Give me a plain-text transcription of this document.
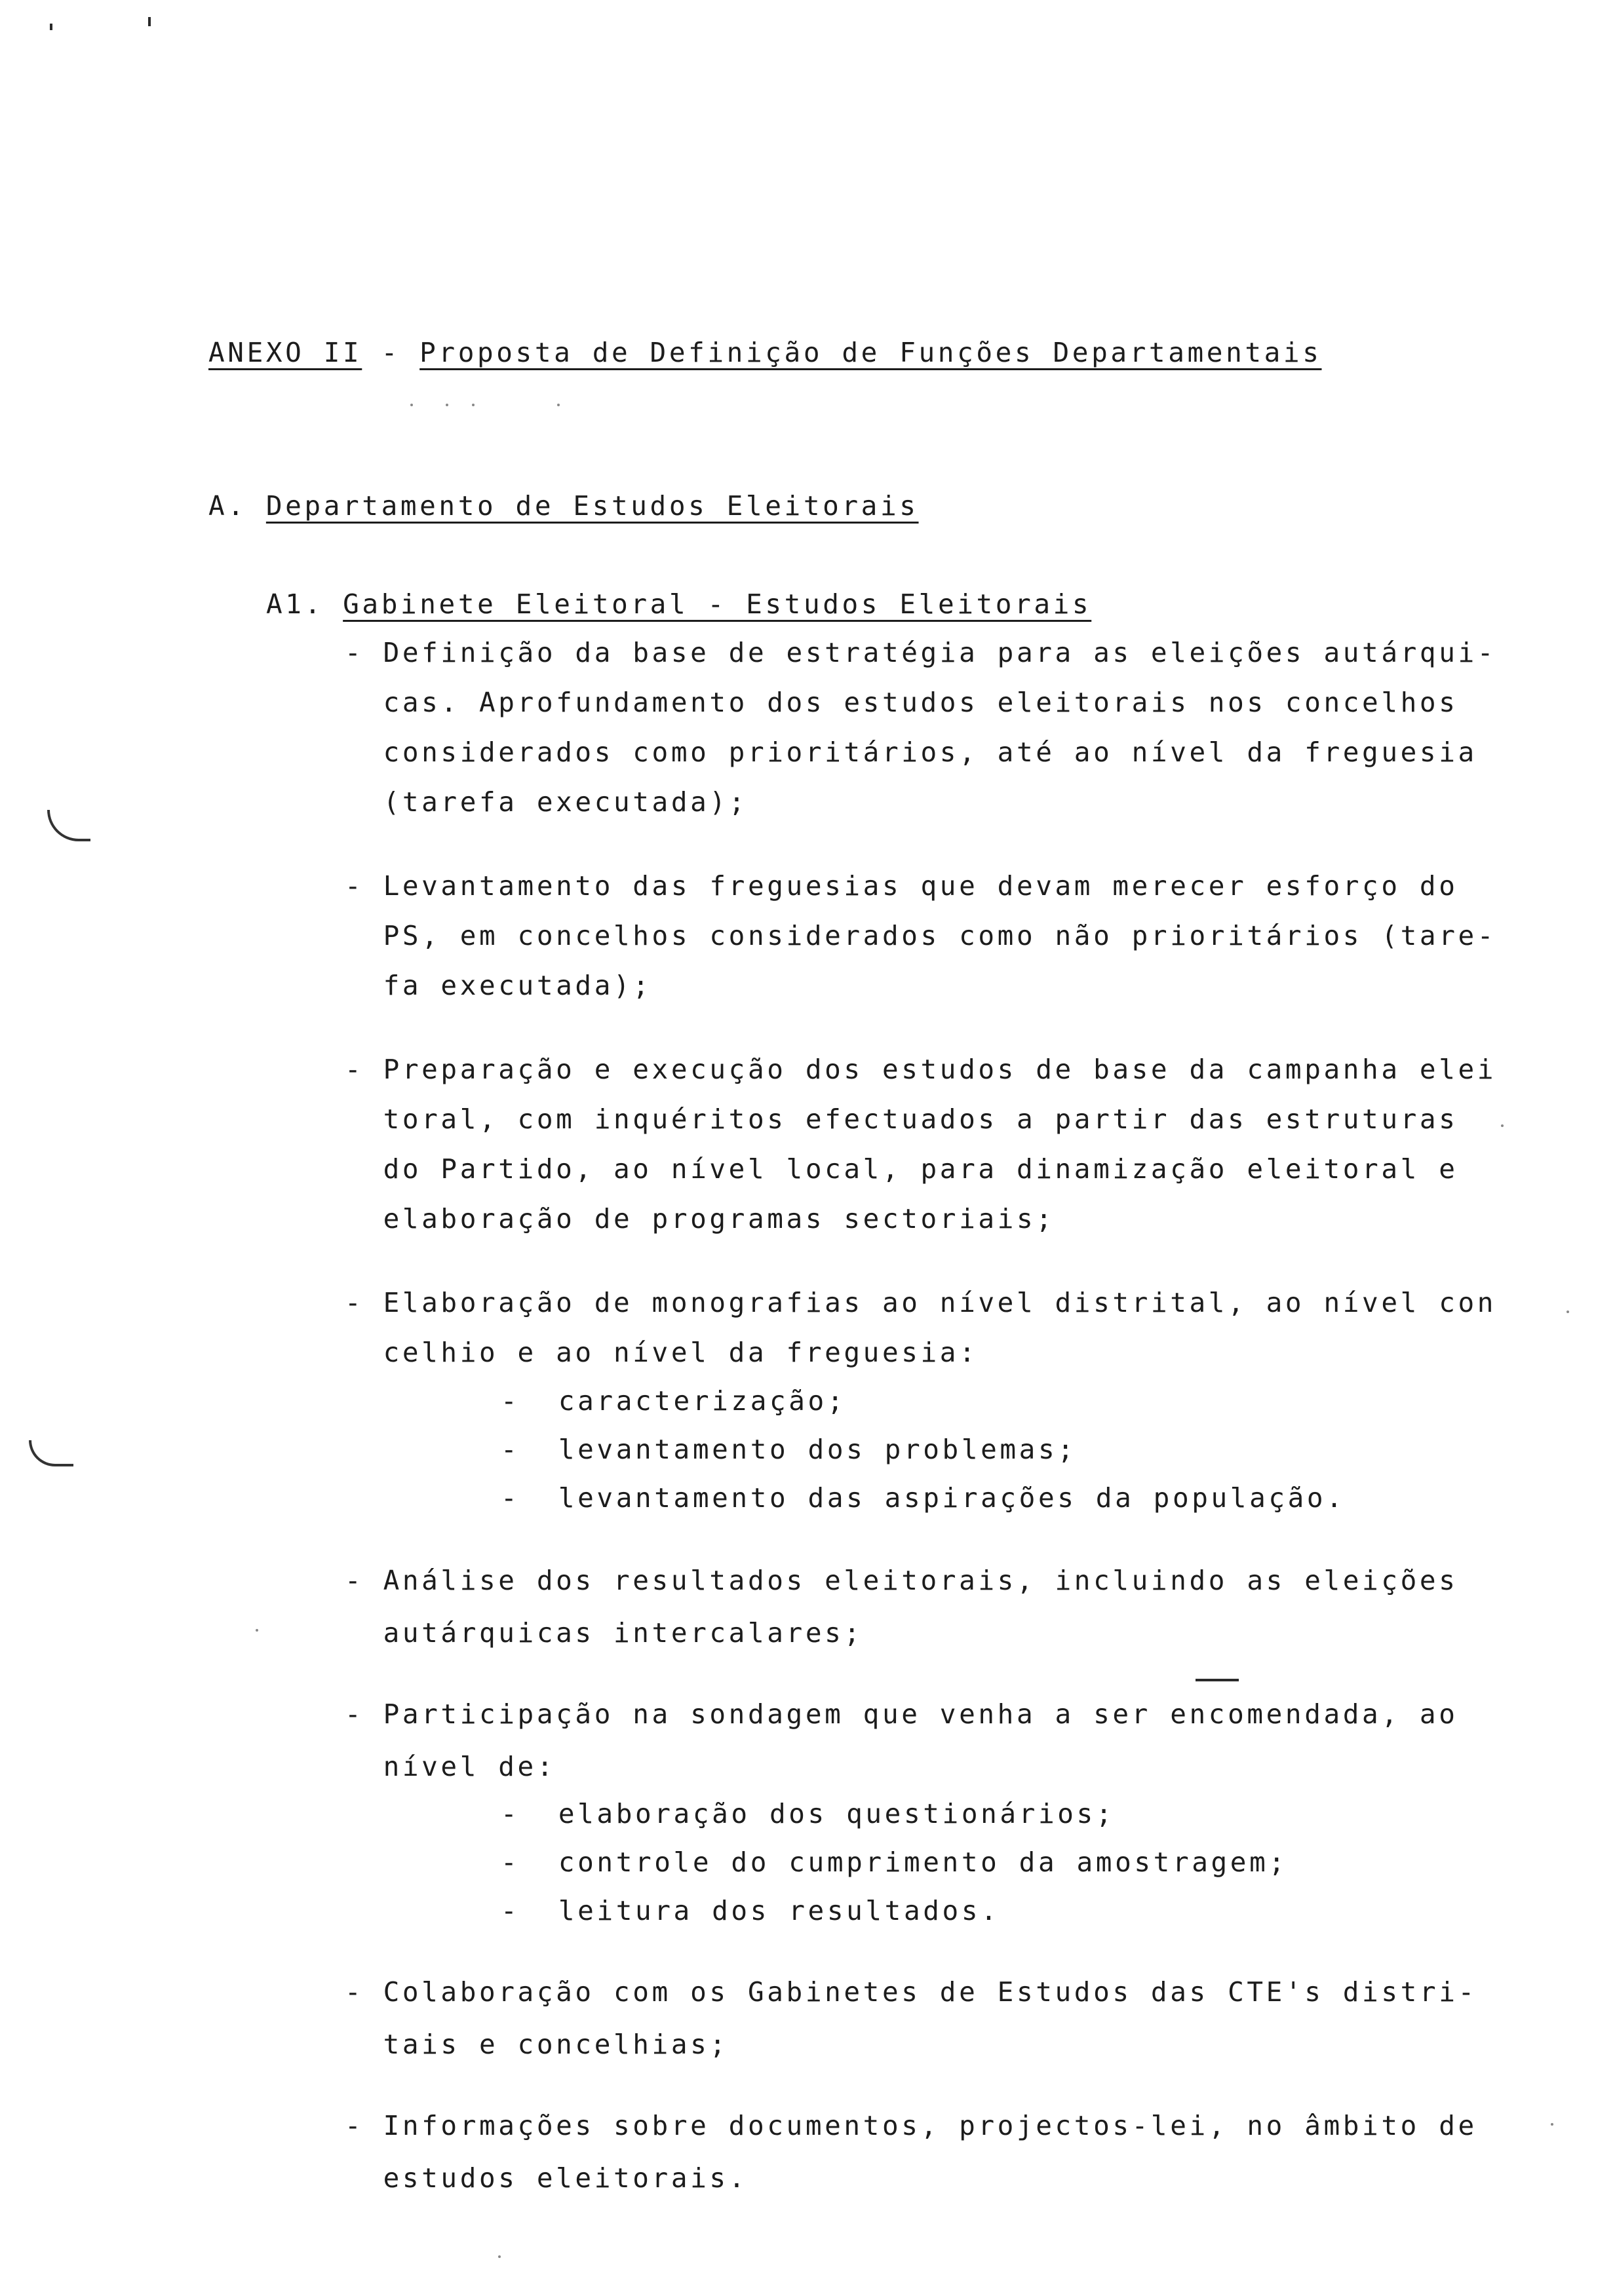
ANEXO II - Proposta de Definição de Funções Departamentais
A. Departamento de Estudos Eleitorais
A1. Gabinete Eleitoral - Estudos Eleitorais
- Definição da base de estratégia para as eleições autárqui-
cas. Aprofundamento dos estudos eleitorais nos concelhos
considerados como prioritários, até ao nível da freguesia
(tarefa executada);
- Levantamento das freguesias que devam merecer esforço do
PS, em concelhos considerados como não prioritários (tare-
fa executada);
- Preparação e execução dos estudos de base da campanha elei
toral, com inquéritos efectuados a partir das estruturas
do Partido, ao nível local, para dinamização eleitoral e
elaboração de programas sectoriais;
- Elaboração de monografias ao nível distrital, ao nível con
celhio e ao nível da freguesia:
-  caracterização;
-  levantamento dos problemas;
-  levantamento das aspirações da população.
- Análise dos resultados eleitorais, incluindo as eleições
autárquicas intercalares;
- Participação na sondagem que venha a ser encomendada, ao
nível de:
-  elaboração dos questionários;
-  controle do cumprimento da amostragem;
-  leitura dos resultados.
- Colaboração com os Gabinetes de Estudos das CTE's distri-
tais e concelhias;
- Informações sobre documentos, projectos-lei, no âmbito de
estudos eleitorais.
